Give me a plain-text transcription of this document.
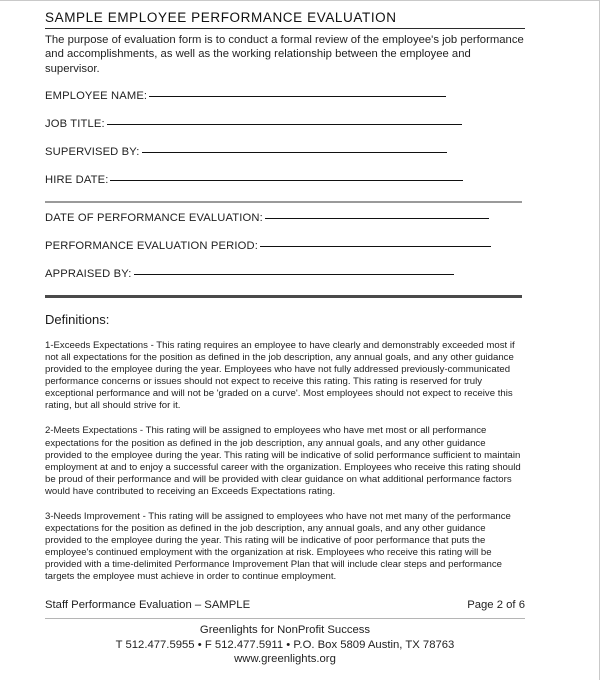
SAMPLE EMPLOYEE PERFORMANCE EVALUATION

The purpose of evaluation form is to conduct a formal review of the employee's job performance and accomplishments, as well as the working relationship between the employee and supervisor.

EMPLOYEE NAME:
JOB TITLE:
SUPERVISED BY:
HIRE DATE:
DATE OF PERFORMANCE EVALUATION:
PERFORMANCE EVALUATION PERIOD:
APPRAISED BY:
Definitions:

1-Exceeds Expectations - This rating requires an employee to have clearly and demonstrably exceeded most if not all expectations for the position as defined in the job description, any annual goals, and any other guidance provided to the employee during the year. Employees who have not fully addressed previously-communicated performance concerns or issues should not expect to receive this rating. This rating is reserved for truly exceptional performance and will not be 'graded on a curve'. Most employees should not expect to receive this rating, but all should strive for it.

2-Meets Expectations - This rating will be assigned to employees who have met most or all performance expectations for the position as defined in the job description, any annual goals, and any other guidance provided to the employee during the year. This rating will be indicative of solid performance sufficient to maintain employment at and to enjoy a successful career with the organization. Employees who receive this rating should be proud of their performance and will be provided with clear guidance on what additional performance factors would have contributed to receiving an Exceeds Expectations rating.

3-Needs Improvement - This rating will be assigned to employees who have not met many of the performance expectations for the position as defined in the job description, any annual goals, and any other guidance provided to the employee during the year. This rating will be indicative of poor performance that puts the employee's continued employment with the organization at risk. Employees who receive this rating will be provided with a time-delimited Performance Improvement Plan that will include clear steps and performance targets the employee must achieve in order to continue employment.

Staff Performance Evaluation – SAMPLE	Page 2 of 6
Greenlights for NonProfit Success
T 512.477.5955 • F 512.477.5911 • P.O. Box 5809 Austin, TX 78763
www.greenlights.org
